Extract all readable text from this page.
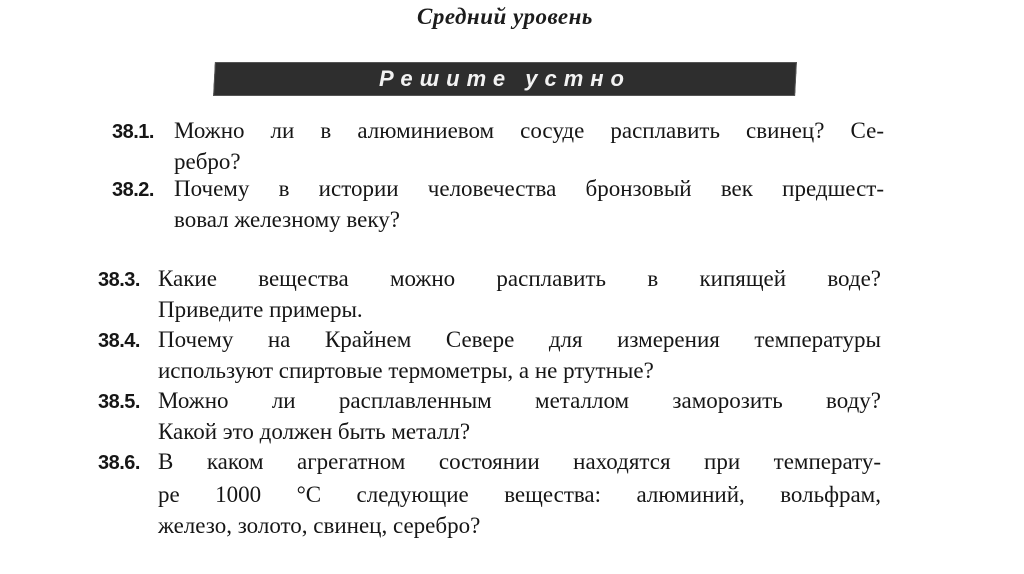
Средний уровень
Решите устно
38.1. Можно ли в алюминиевом сосуде расплавить свинец? Се-
ребро?
38.2. Почему в истории человечества бронзовый век предшест-
вовал железному веку?
38.3. Какие вещества можно расплавить в кипящей воде?
Приведите примеры.
38.4. Почему на Крайнем Севере для измерения температуры
используют спиртовые термометры, а не ртутные?
38.5. Можно ли расплавленным металлом заморозить воду?
Какой это должен быть металл?
38.6. В каком агрегатном состоянии находятся при температу-
ре 1000 °С следующие вещества: алюминий, вольфрам,
железо, золото, свинец, серебро?
